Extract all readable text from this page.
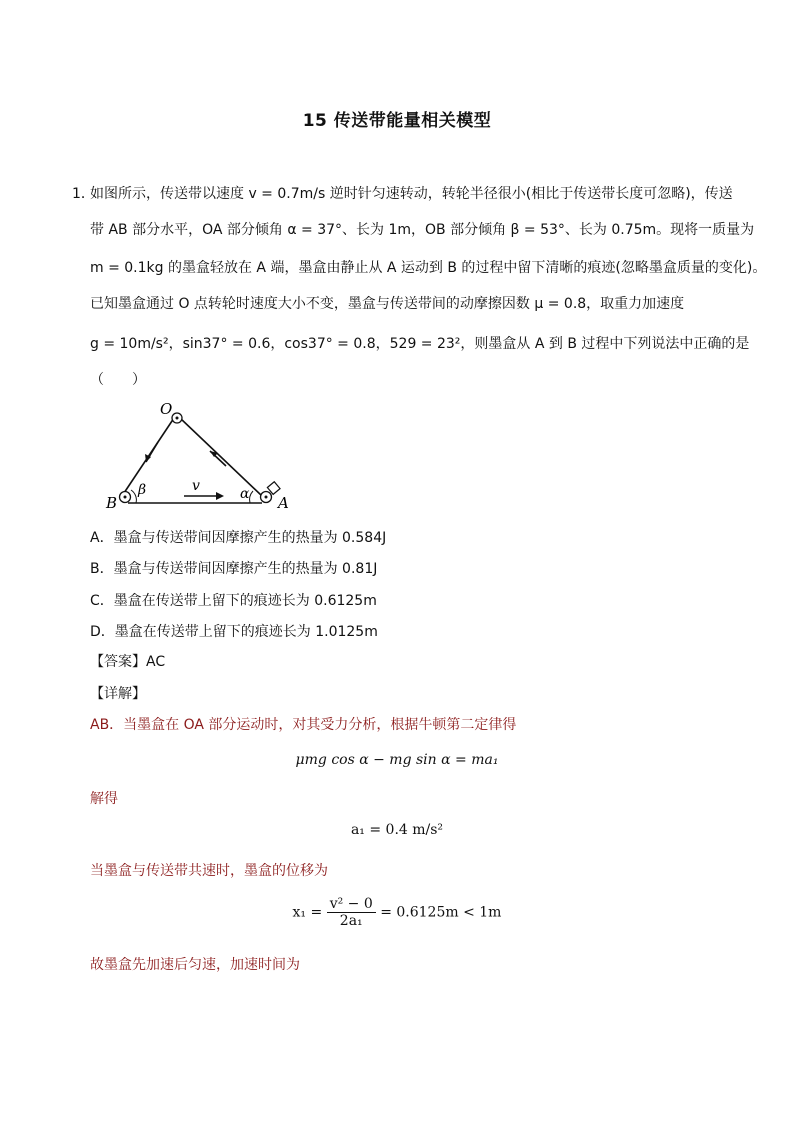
15 传送带能量相关模型
1．
如图所示，传送带以速度 v = 0.7m/s 逆时针匀速转动，转轮半径很小(相比于传送带长度可忽略)，传送
带 AB 部分水平，OA 部分倾角 α = 37°、长为 1m，OB 部分倾角 β = 53°、长为 0.75m。现将一质量为
m = 0.1kg 的墨盒轻放在 A 端，墨盒由静止从 A 运动到 B 的过程中留下清晰的痕迹(忽略墨盒质量的变化)。
已知墨盒通过 O 点转轮时速度大小不变，墨盒与传送带间的动摩擦因数 μ = 0.8，取重力加速度
g = 10m/s²，sin37° = 0.6，cos37° = 0.8，529 = 23²，则墨盒从 A 到 B 过程中下列说法中正确的是
（　　）
O
B	A
β	α
v
A．墨盒与传送带间因摩擦产生的热量为 0.584J
B．墨盒与传送带间因摩擦产生的热量为 0.81J
C．墨盒在传送带上留下的痕迹长为 0.6125m
D．墨盒在传送带上留下的痕迹长为 1.0125m
【答案】AC
【详解】
AB．当墨盒在 OA 部分运动时，对其受力分析，根据牛顿第二定律得
μmg cos α − mg sin α = ma₁
解得
a₁ = 0.4 m/s²
当墨盒与传送带共速时，墨盒的位移为
$x_1 = \frac{\text{v² − 0}}{\text{2a₁}} = 0.6125m < 1m$
故墨盒先加速后匀速，加速时间为
